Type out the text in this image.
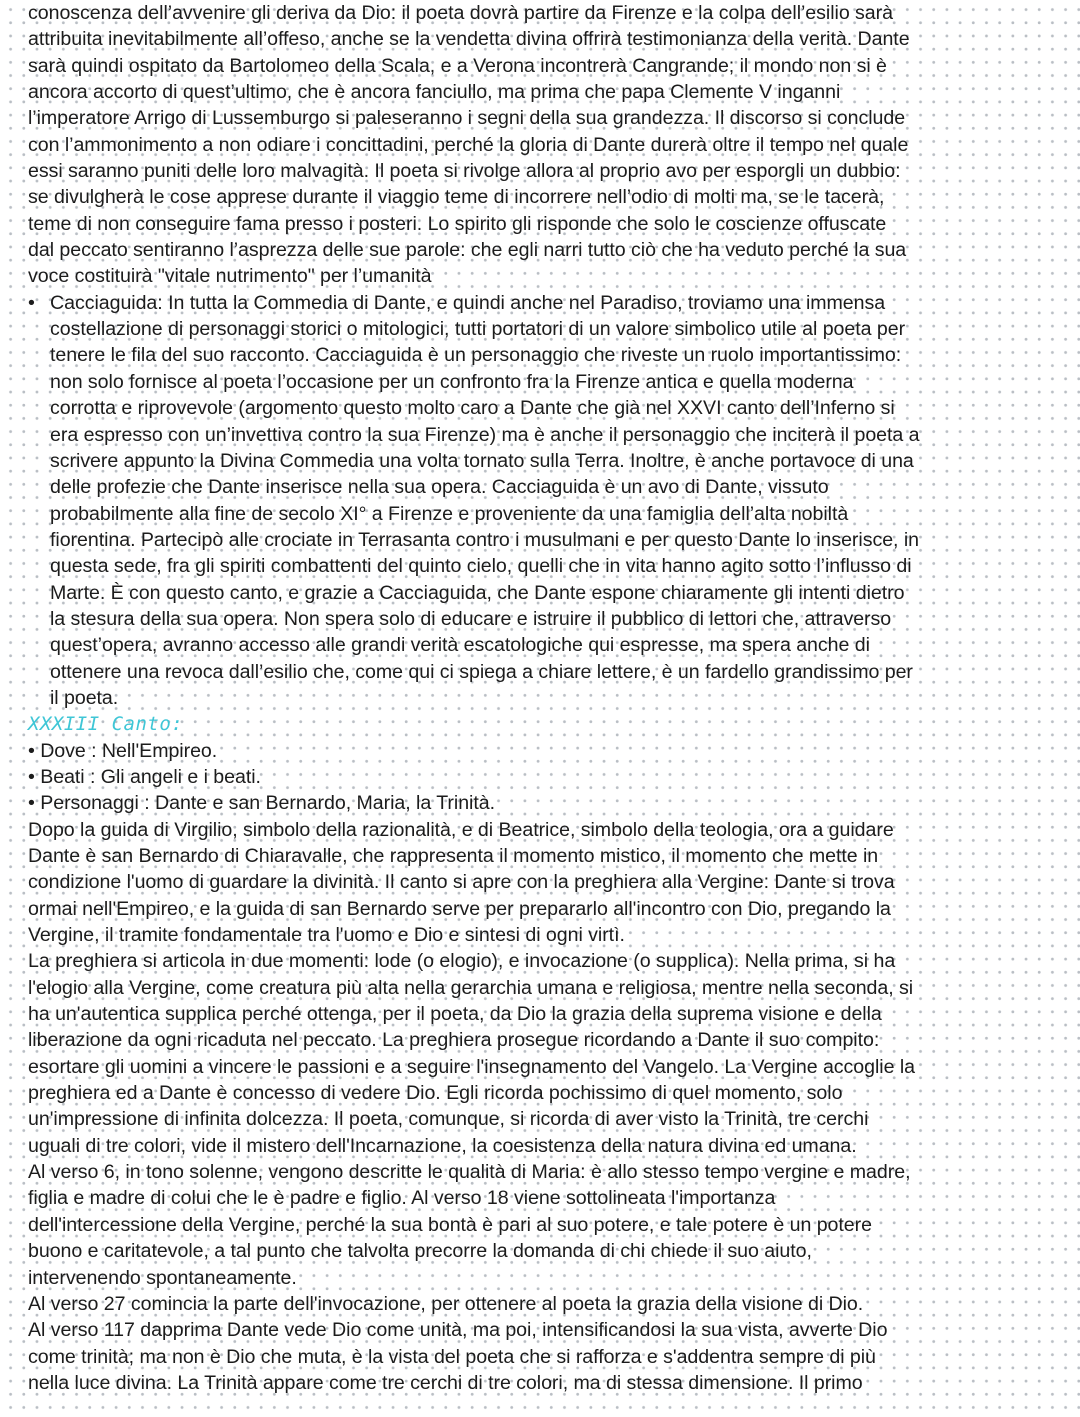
conoscenza dell’avvenire gli deriva da Dio: il poeta dovrà partire da Firenze e la colpa dell’esilio sarà
attribuita inevitabilmente all’offeso, anche se la vendetta divina offrirà testimonianza della verità. Dante
sarà quindi ospitato da Bartolomeo della Scala, e a Verona incontrerà Cangrande; il mondo non si è
ancora accorto di quest’ultimo, che è ancora fanciullo, ma prima che papa Clemente V inganni
l’imperatore Arrigo di Lussemburgo si paleseranno i segni della sua grandezza. Il discorso si conclude
con l’ammonimento a non odiare i concittadini, perché la gloria di Dante durerà oltre il tempo nel quale
essi saranno puniti delle loro malvagità. Il poeta si rivolge allora al proprio avo per esporgli un dubbio:
se divulgherà le cose apprese durante il viaggio teme di incorrere nell’odio di molti ma, se le tacerà,
teme di non conseguire fama presso i posteri. Lo spirito gli risponde che solo le coscienze offuscate
dal peccato sentiranno l’asprezza delle sue parole: che egli narri tutto ciò che ha veduto perché la sua
voce costituirà "vitale nutrimento" per l’umanità
• Cacciaguida: In tutta la Commedia di Dante, e quindi anche nel Paradiso, troviamo una immensa
costellazione di personaggi storici o mitologici, tutti portatori di un valore simbolico utile al poeta per
tenere le fila del suo racconto. Cacciaguida è un personaggio che riveste un ruolo importantissimo:
non solo fornisce al poeta l’occasione per un confronto fra la Firenze antica e quella moderna
corrotta e riprovevole (argomento questo molto caro a Dante che già nel XXVI canto dell’Inferno si
era espresso con un’invettiva contro la sua Firenze) ma è anche il personaggio che inciterà il poeta a
scrivere appunto la Divina Commedia una volta tornato sulla Terra. Inoltre, è anche portavoce di una
delle profezie che Dante inserisce nella sua opera. Cacciaguida è un avo di Dante, vissuto
probabilmente alla fine de secolo XI° a Firenze e proveniente da una famiglia dell’alta nobiltà
fiorentina. Partecipò alle crociate in Terrasanta contro i musulmani e per questo Dante lo inserisce, in
questa sede, fra gli spiriti combattenti del quinto cielo, quelli che in vita hanno agito sotto l’influsso di
Marte. È con questo canto, e grazie a Cacciaguida, che Dante espone chiaramente gli intenti dietro
la stesura della sua opera. Non spera solo di educare e istruire il pubblico di lettori che, attraverso
quest’opera, avranno accesso alle grandi verità escatologiche qui espresse, ma spera anche di
ottenere una revoca dall’esilio che, come qui ci spiega a chiare lettere, è un fardello grandissimo per
il poeta.
XXXIII Canto:
• Dove : Nell'Empireo.
• Beati : Gli angeli e i beati.
• Personaggi : Dante e san Bernardo, Maria, la Trinità.
Dopo la guida di Virgilio, simbolo della razionalità, e di Beatrice, simbolo della teologia, ora a guidare
Dante è san Bernardo di Chiaravalle, che rappresenta il momento mistico, il momento che mette in
condizione l'uomo di guardare la divinità. Il canto si apre con la preghiera alla Vergine: Dante si trova
ormai nell'Empireo, e la guida di san Bernardo serve per prepararlo all'incontro con Dio, pregando la
Vergine, il tramite fondamentale tra l'uomo e Dio e sintesi di ogni virtì.
La preghiera si articola in due momenti: lode (o elogio), e invocazione (o supplica). Nella prima, si ha
l'elogio alla Vergine, come creatura più alta nella gerarchia umana e religiosa, mentre nella seconda, si
ha un'autentica supplica perché ottenga, per il poeta, da Dio la grazia della suprema visione e della
liberazione da ogni ricaduta nel peccato. La preghiera prosegue ricordando a Dante il suo compito:
esortare gli uomini a vincere le passioni e a seguire l'insegnamento del Vangelo. La Vergine accoglie la
preghiera ed a Dante è concesso di vedere Dio. Egli ricorda pochissimo di quel momento, solo
un'impressione di infinita dolcezza. Il poeta, comunque, si ricorda di aver visto la Trinità, tre cerchi
uguali di tre colori, vide il mistero dell'Incarnazione, la coesistenza della natura divina ed umana.
Al verso 6, in tono solenne, vengono descritte le qualità di Maria: è allo stesso tempo vergine e madre,
figlia e madre di colui che le è padre e figlio. Al verso 18 viene sottolineata l'importanza
dell'intercessione della Vergine, perché la sua bontà è pari al suo potere, e tale potere è un potere
buono e caritatevole, a tal punto che talvolta precorre la domanda di chi chiede il suo aiuto,
intervenendo spontaneamente.
Al verso 27 comincia la parte dell'invocazione, per ottenere al poeta la grazia della visione di Dio.
Al verso 117 dapprima Dante vede Dio come unità, ma poi, intensificandosi la sua vista, avverte Dio
come trinità; ma non è Dio che muta, è la vista del poeta che si rafforza e s'addentra sempre di più
nella luce divina. La Trinità appare come tre cerchi di tre colori, ma di stessa dimensione. Il primo
